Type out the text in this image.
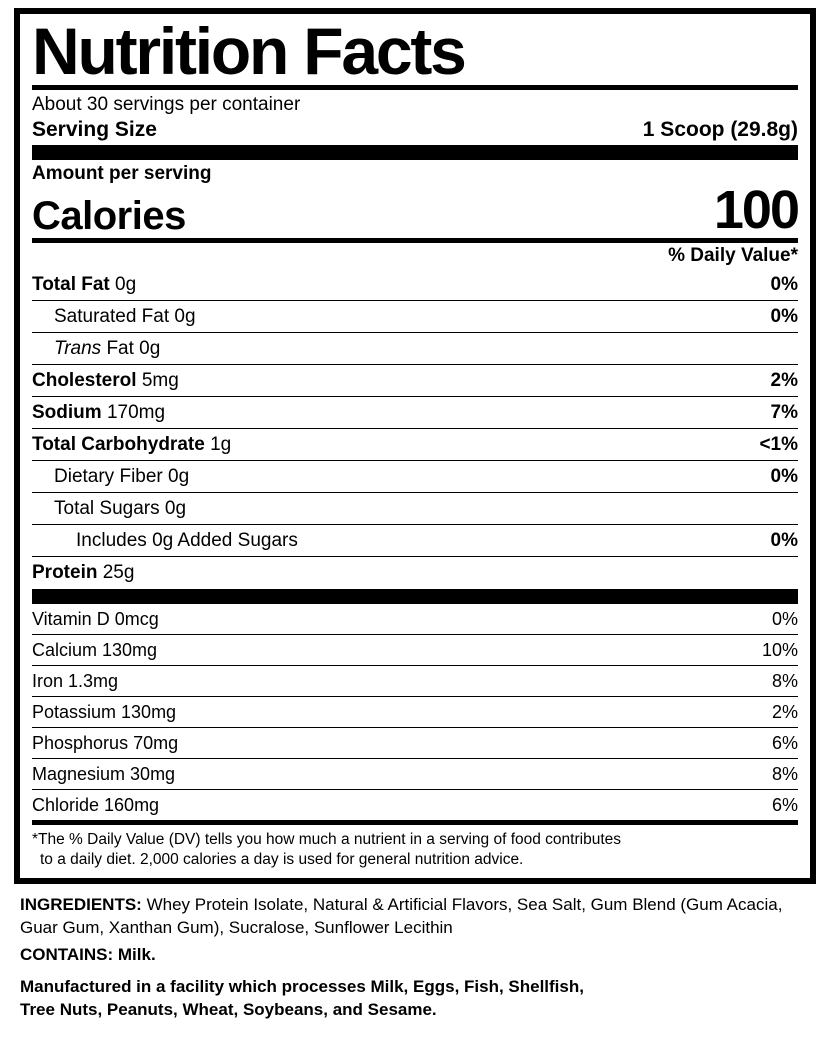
Nutrition Facts
About 30 servings per container
Serving Size	1 Scoop (29.8g)
Amount per serving
Calories	100
% Daily Value*
Total Fat 0g	0%
Saturated Fat 0g	0%
Trans Fat 0g
Cholesterol 5mg	2%
Sodium 170mg	7%
Total Carbohydrate 1g	<1%
Dietary Fiber 0g	0%
Total Sugars 0g
Includes 0g Added Sugars	0%
Protein 25g
Vitamin D 0mcg	0%
Calcium 130mg	10%
Iron 1.3mg	8%
Potassium 130mg	2%
Phosphorus 70mg	6%
Magnesium 30mg	8%
Chloride 160mg	6%
*The % Daily Value (DV) tells you how much a nutrient in a serving of food contributes
to a daily diet. 2,000 calories a day is used for general nutrition advice.
INGREDIENTS: Whey Protein Isolate, Natural & Artificial Flavors, Sea Salt, Gum Blend (Gum Acacia, Guar Gum, Xanthan Gum), Sucralose, Sunflower Lecithin
CONTAINS: Milk.
Manufactured in a facility which processes Milk, Eggs, Fish, Shellfish,
Tree Nuts, Peanuts, Wheat, Soybeans, and Sesame.
